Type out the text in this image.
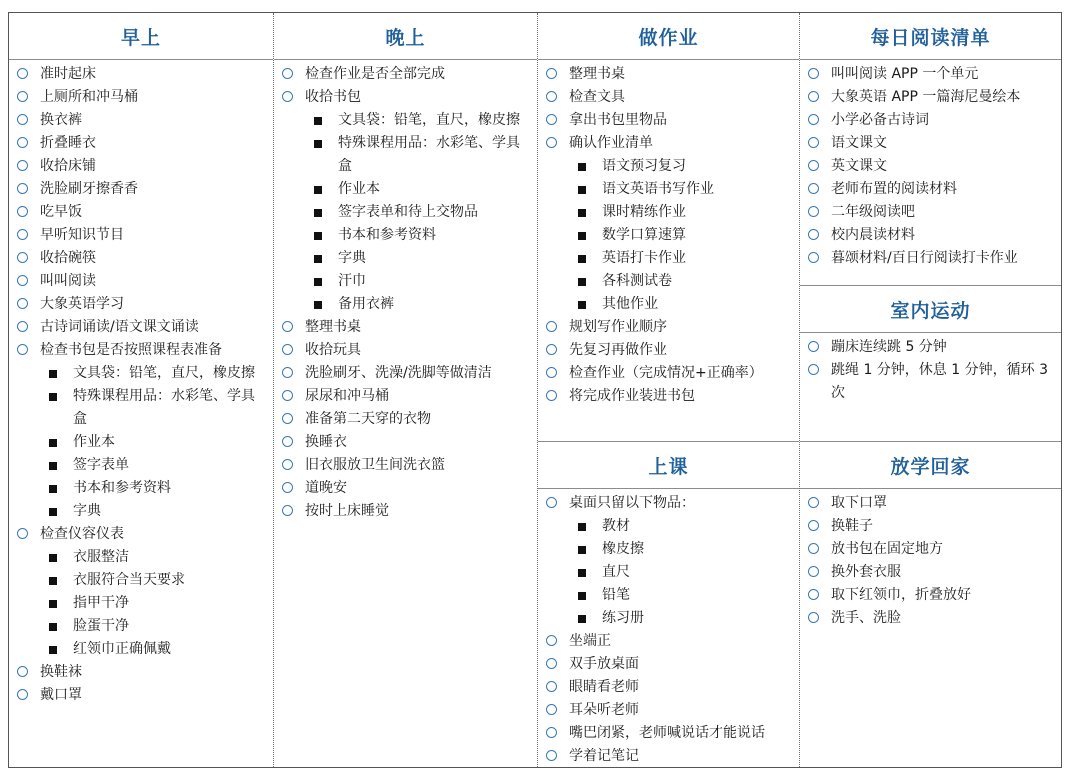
早上
准时起床
上厕所和冲马桶
换衣裤
折叠睡衣
收拾床铺
洗脸刷牙擦香香
吃早饭
早听知识节目
收拾碗筷
叫叫阅读
大象英语学习
古诗词诵读/语文课文诵读
检查书包是否按照课程表准备
文具袋：铅笔，直尺，橡皮擦
特殊课程用品：水彩笔、学具盒
作业本
签字表单
书本和参考资料
字典
检查仪容仪表
衣服整洁
衣服符合当天要求
指甲干净
脸蛋干净
红领巾正确佩戴
换鞋袜
戴口罩
晚上
检查作业是否全部完成
收拾书包
文具袋：铅笔，直尺，橡皮擦
特殊课程用品：水彩笔、学具盒
作业本
签字表单和待上交物品
书本和参考资料
字典
汗巾
备用衣裤
整理书桌
收拾玩具
洗脸刷牙、洗澡/洗脚等做清洁
尿尿和冲马桶
准备第二天穿的衣物
换睡衣
旧衣服放卫生间洗衣篮
道晚安
按时上床睡觉
做作业
整理书桌
检查文具
拿出书包里物品
确认作业清单
语文预习复习
语文英语书写作业
课时精练作业
数学口算速算
英语打卡作业
各科测试卷
其他作业
规划写作业顺序
先复习再做作业
检查作业（完成情况+正确率）
将完成作业装进书包
上课
桌面只留以下物品：
教材
橡皮擦
直尺
铅笔
练习册
坐端正
双手放桌面
眼睛看老师
耳朵听老师
嘴巴闭紧，老师喊说话才能说话
学着记笔记
每日阅读清单
叫叫阅读 APP 一个单元
大象英语 APP 一篇海尼曼绘本
小学必备古诗词
语文课文
英文课文
老师布置的阅读材料
二年级阅读吧
校内晨读材料
暮颂材料/百日行阅读打卡作业
室内运动
蹦床连续跳 5 分钟
跳绳 1 分钟，休息 1 分钟，循环 3 次
放学回家
取下口罩
换鞋子
放书包在固定地方
换外套衣服
取下红领巾，折叠放好
洗手、洗脸
